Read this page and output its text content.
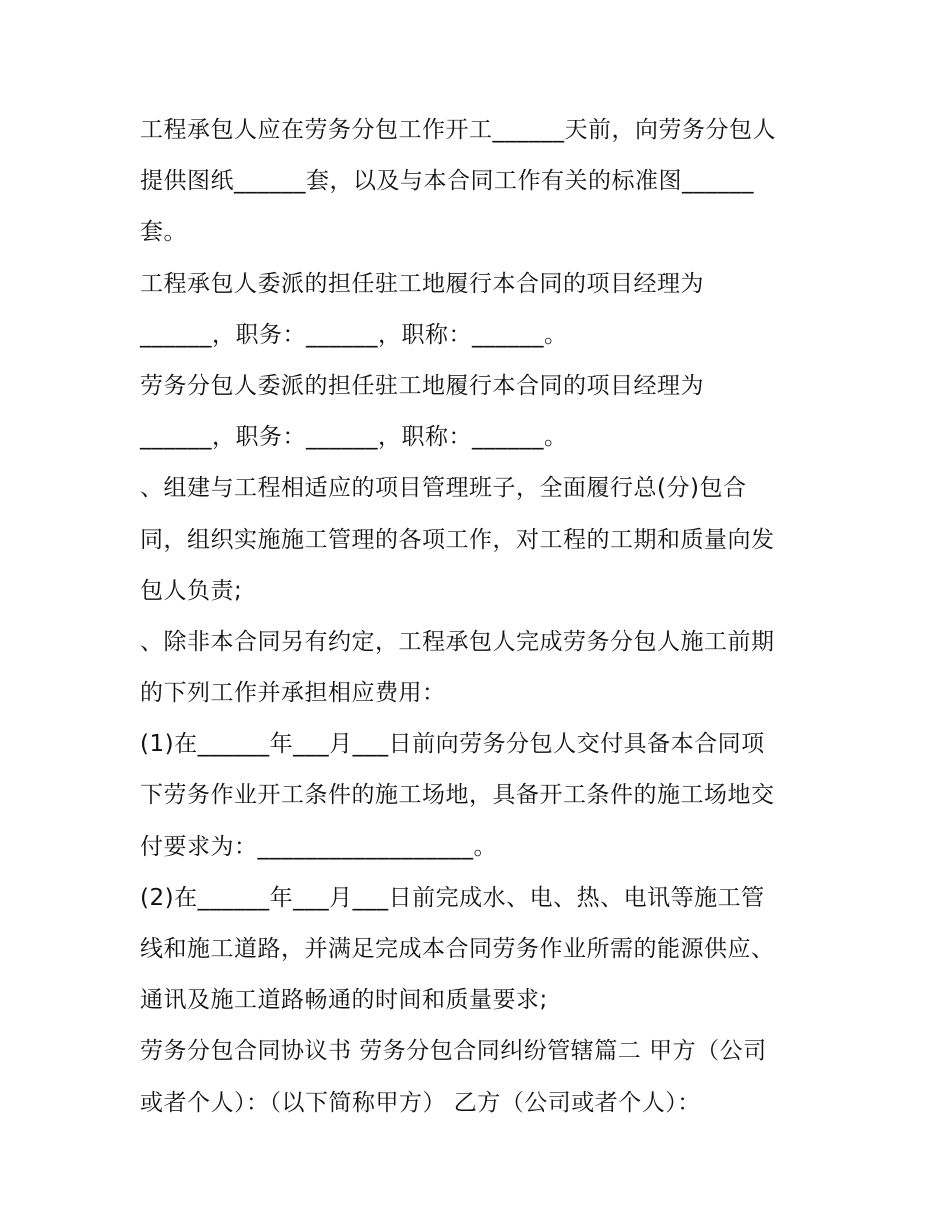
工程承包人应在劳务分包工作开工______天前，向劳务分包人
提供图纸______套，以及与本合同工作有关的标准图______
套。
工程承包人委派的担任驻工地履行本合同的项目经理为
______，职务：______，职称：______。
劳务分包人委派的担任驻工地履行本合同的项目经理为
______，职务：______，职称：______。
、组建与工程相适应的项目管理班子，全面履行总(分)包合
同，组织实施施工管理的各项工作，对工程的工期和质量向发
包人负责;
、除非本合同另有约定，工程承包人完成劳务分包人施工前期
的下列工作并承担相应费用：
(1)在______年___月___日前向劳务分包人交付具备本合同项
下劳务作业开工条件的施工场地，具备开工条件的施工场地交
付要求为：__________________。
(2)在______年___月___日前完成水、电、热、电讯等施工管
线和施工道路，并满足完成本合同劳务作业所需的能源供应、
通讯及施工道路畅通的时间和质量要求;
劳务分包合同协议书 劳务分包合同纠纷管辖篇二 甲方（公司
或者个人）：（以下简称甲方） 乙方（公司或者个人）：
